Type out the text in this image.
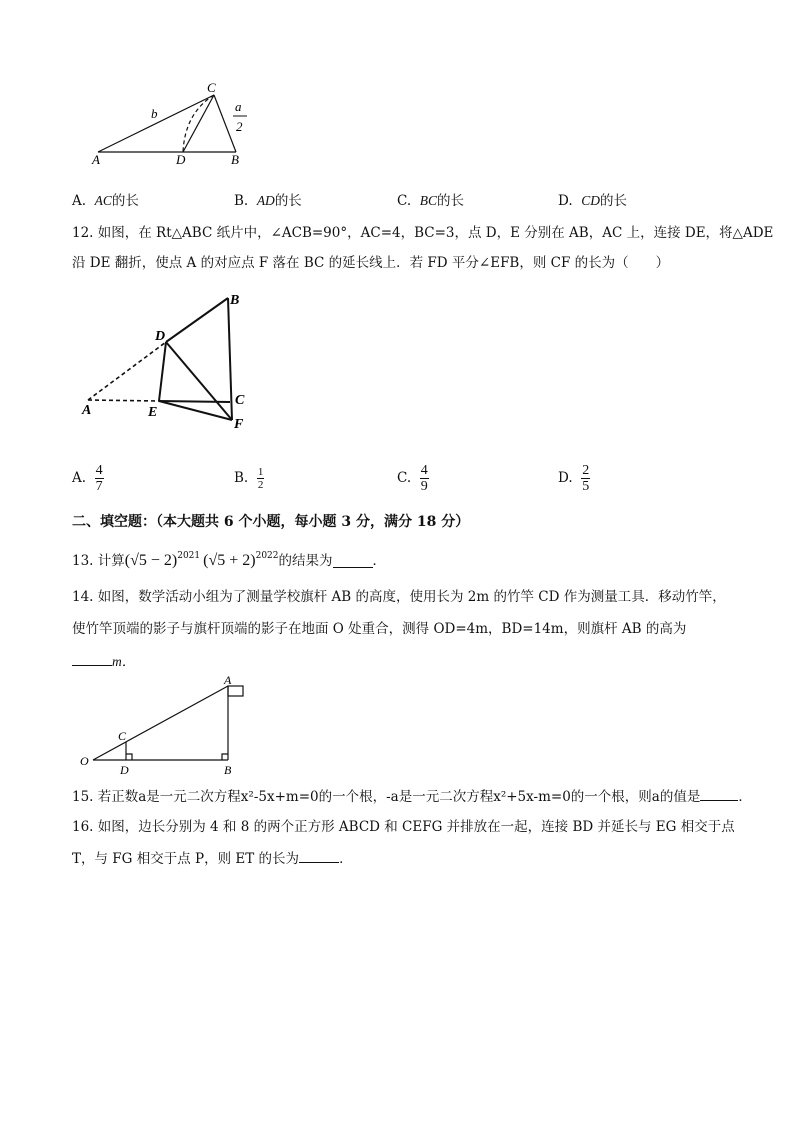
C
A	D	B
b	a
2
A. AC的长	B. AD的长	C. BC的长	D. CD的长
12. 如图，在 Rt△ABC 纸片中，∠ACB=90°，AC=4，BC=3，点 D，E 分别在 AB，AC 上，连接 DE，将△ADE
沿 DE 翻折，使点 A 的对应点 F 落在 BC 的延长线上．若 FD 平分∠EFB，则 CF 的长为（　　）
B
D
A	E
C
F
A.
$\frac{4}{7}$	B.
$\frac{1}{2}$	C.
$\frac{4}{9}$	D.
$\frac{2}{5}$
二、填空题：（本大题共 6 个小题，每小题 3 分，满分 18 分）
13. 计算 $(√5 - 2)^{2021}$ $(√5 + 2)^{2022}$ 的结果为	．
14. 如图，数学活动小组为了测量学校旗杆 AB 的高度，使用长为 2m 的竹竿 CD 作为测量工具．移动竹竿，
使竹竿顶端的影子与旗杆顶端的影子在地面 O 处重合，测得 OD=4m，BD=14m，则旗杆 AB 的高为
m．
A
C
O
D	B
15. 若正数a是一元二次方程x²-5x+m=0的一个根，-a是一元二次方程x²+5x-m=0的一个根，则a的值是	．
16. 如图，边长分别为 4 和 8 的两个正方形 ABCD 和 CEFG 并排放在一起，连接 BD 并延长与 EG 相交于点
T，与 FG 相交于点 P，则 ET 的长为	．
